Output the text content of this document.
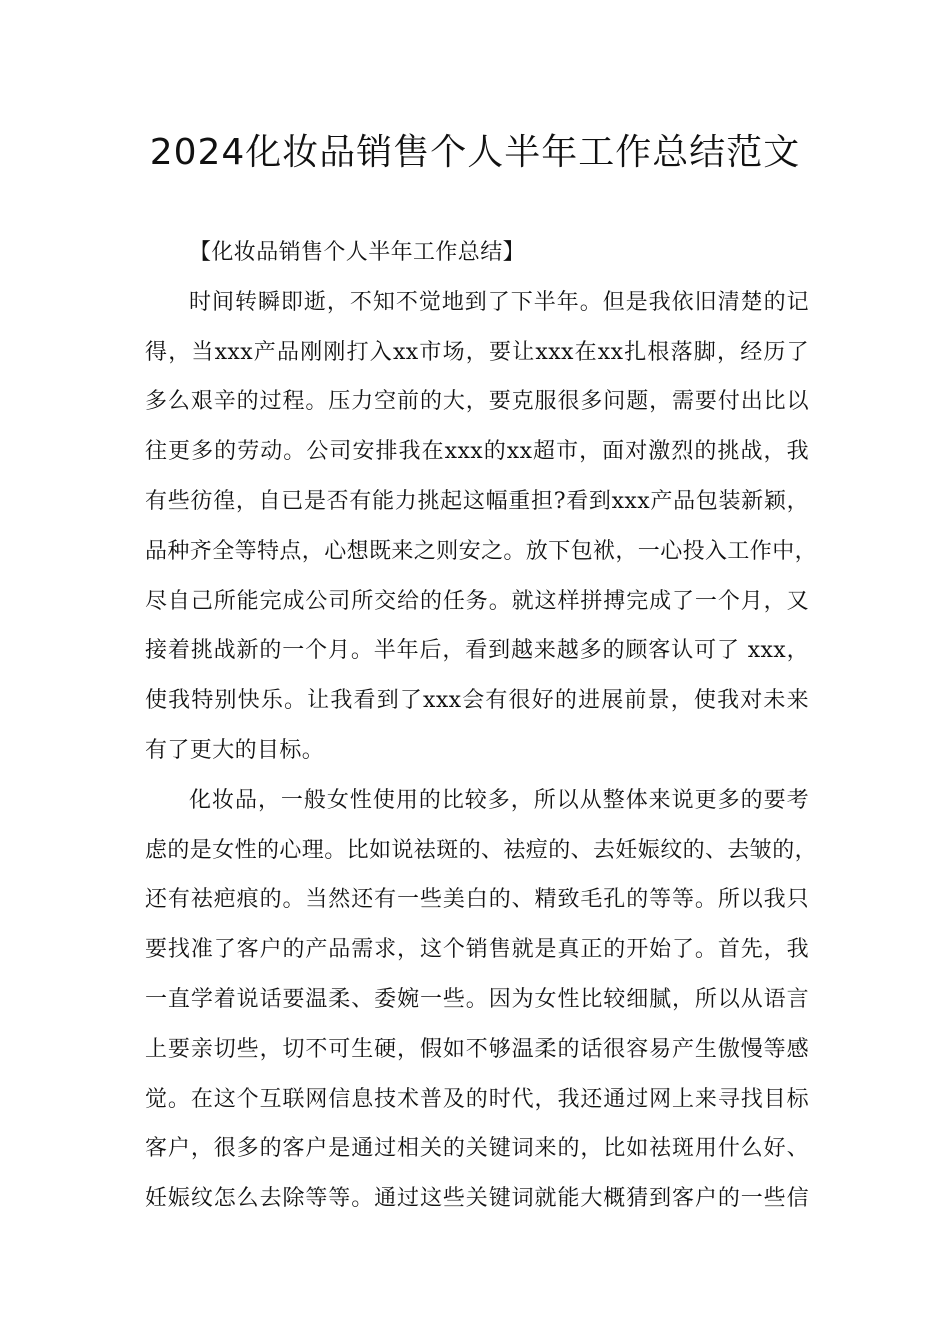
2024化妆品销售个人半年工作总结范文
【化妆品销售个人半年工作总结】
时间转瞬即逝，不知不觉地到了下半年。但是我依旧清楚的记
得，当xxx产品刚刚打入xx市场，要让xxx在xx扎根落脚，经历了
多么艰辛的过程。压力空前的大，要克服很多问题，需要付出比以
往更多的劳动。公司安排我在xxx的xx超市，面对激烈的挑战，我
有些彷徨，自已是否有能力挑起这幅重担?看到xxx产品包装新颖，
品种齐全等特点，心想既来之则安之。放下包袱，一心投入工作中，
尽自己所能完成公司所交给的任务。就这样拼搏完成了一个月，又
接着挑战新的一个月。半年后，看到越来越多的顾客认可了 xxx，
使我特别快乐。让我看到了xxx会有很好的进展前景，使我对未来
有了更大的目标。
化妆品，一般女性使用的比较多，所以从整体来说更多的要考
虑的是女性的心理。比如说祛斑的、祛痘的、去妊娠纹的、去皱的，
还有祛疤痕的。当然还有一些美白的、精致毛孔的等等。所以我只
要找准了客户的产品需求，这个销售就是真正的开始了。首先，我
一直学着说话要温柔、委婉一些。因为女性比较细腻，所以从语言
上要亲切些，切不可生硬，假如不够温柔的话很容易产生傲慢等感
觉。在这个互联网信息技术普及的时代，我还通过网上来寻找目标
客户，很多的客户是通过相关的关键词来的，比如祛斑用什么好、
妊娠纹怎么去除等等。通过这些关键词就能大概猜到客户的一些信
